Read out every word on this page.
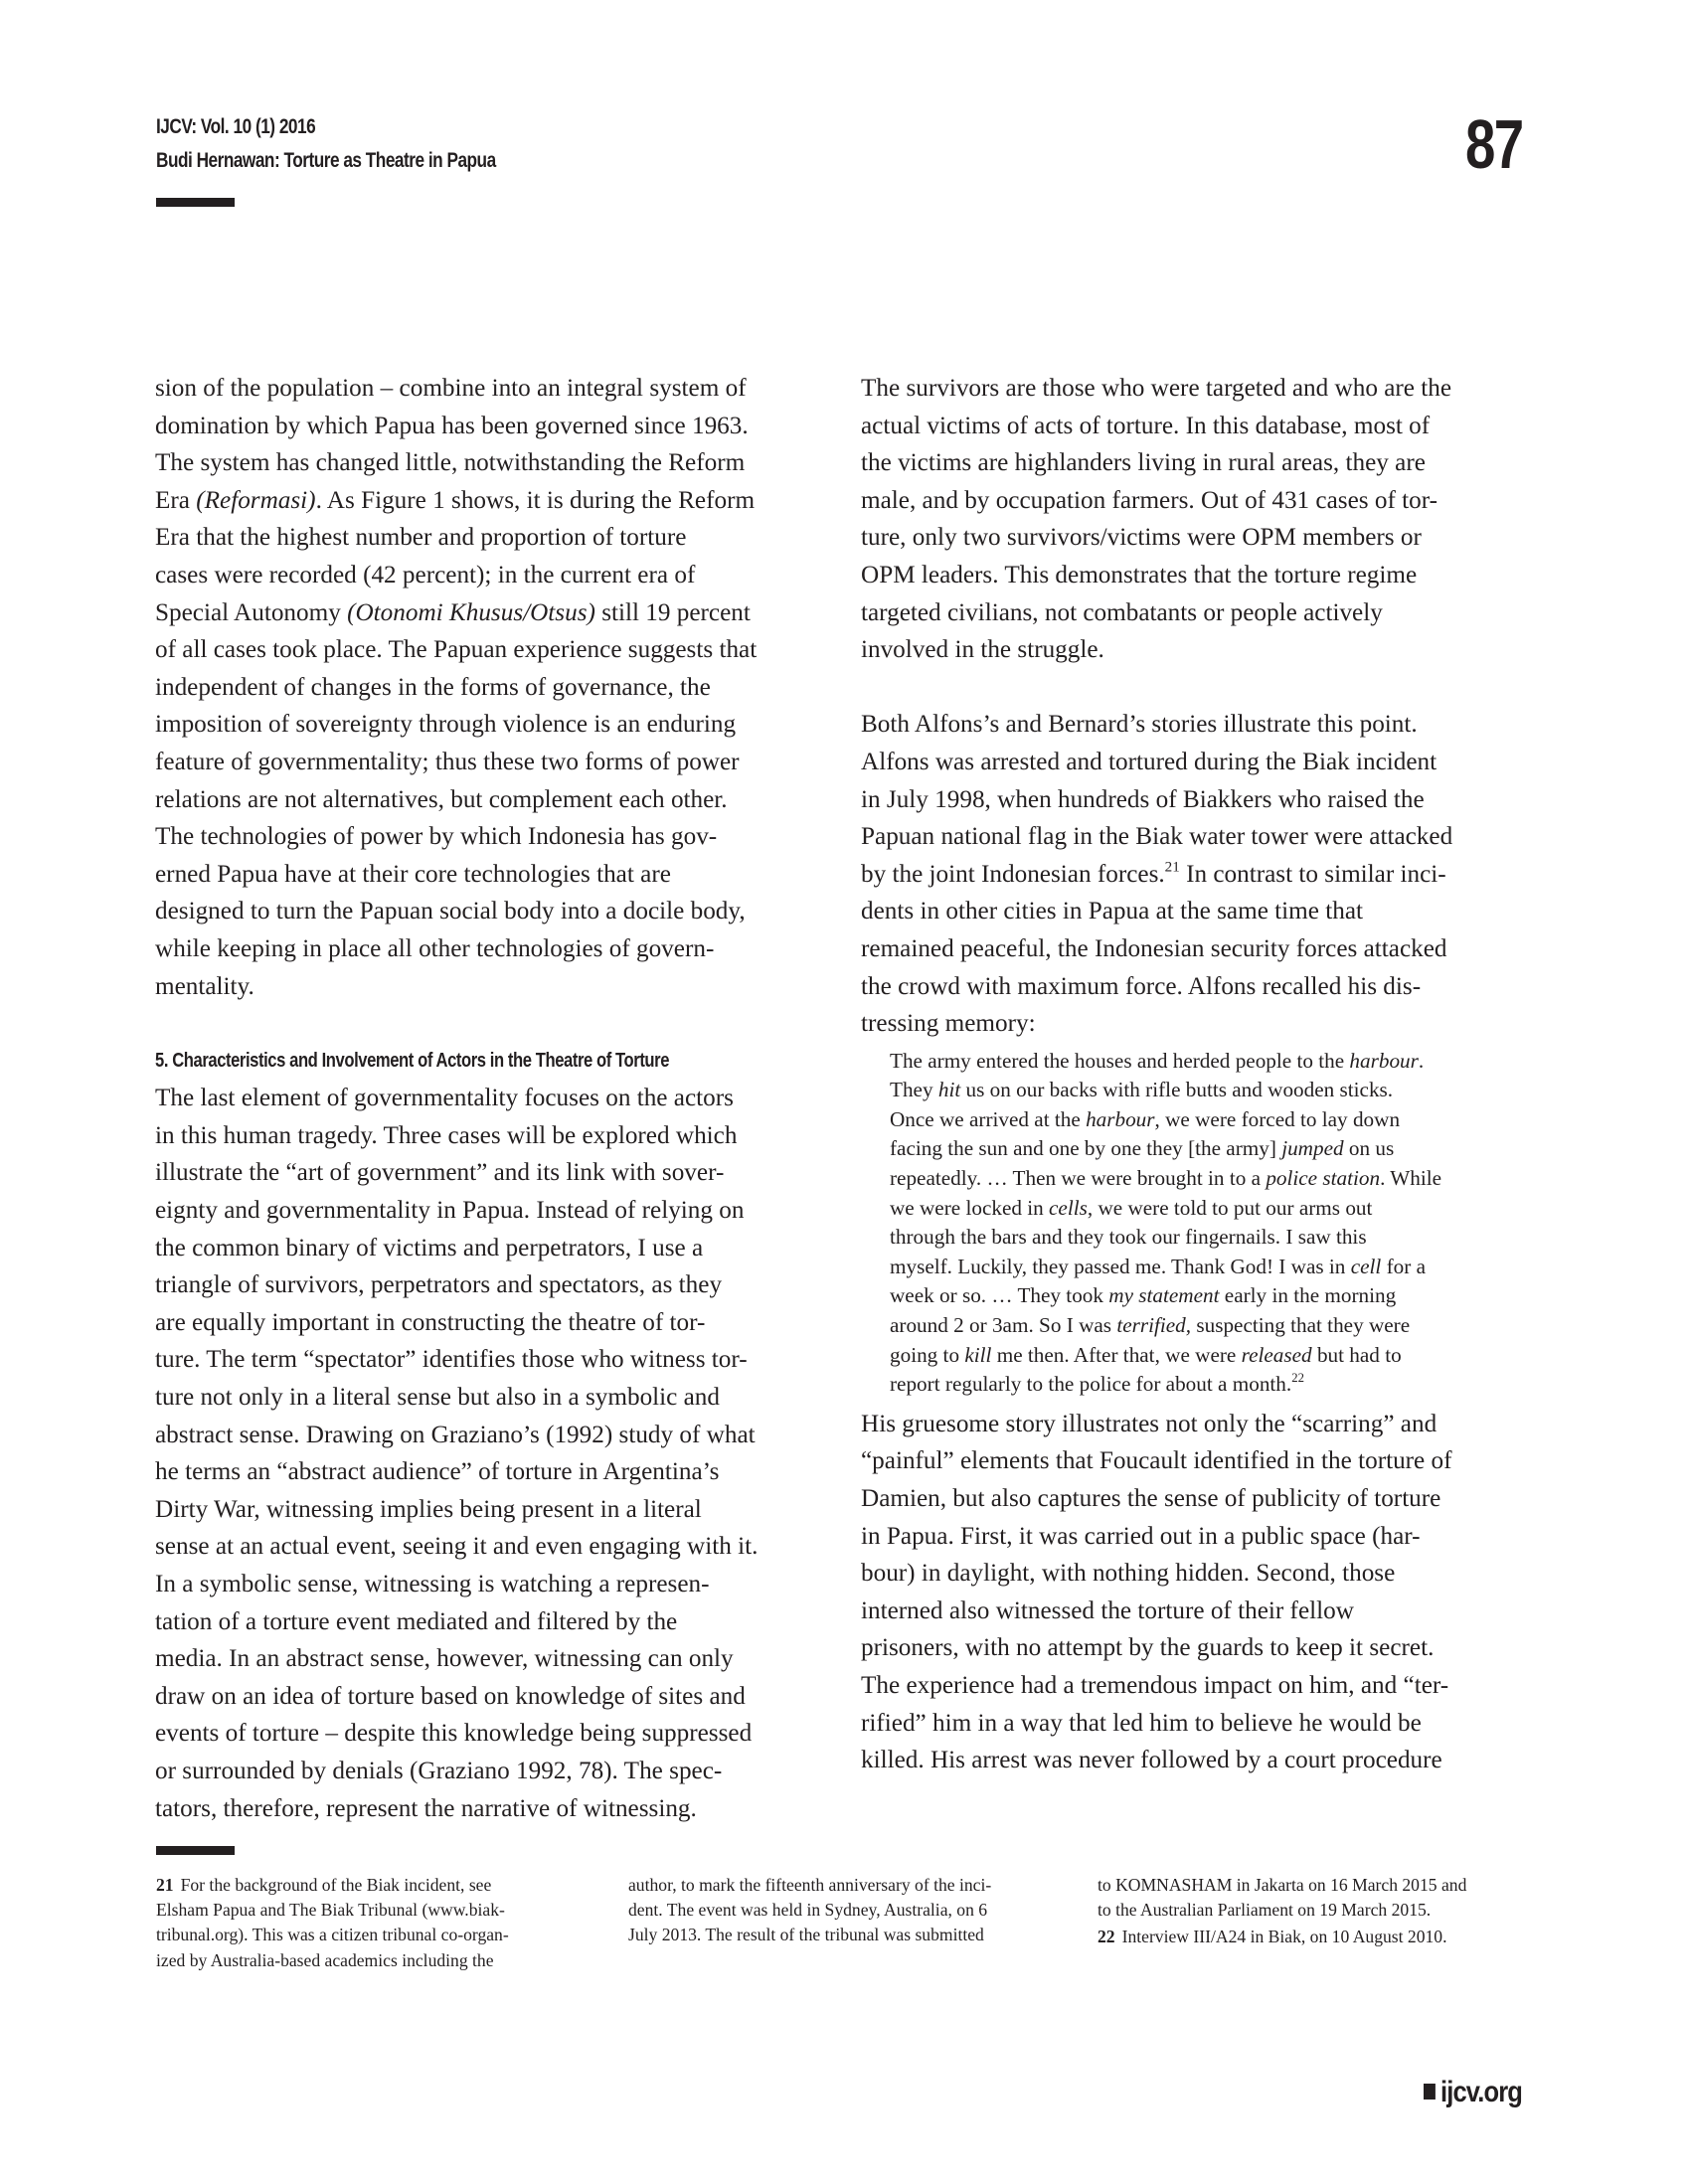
IJCV: Vol. 10 (1) 2016
Budi Hernawan: Torture as Theatre in Papua	87
sion of the population – combine into an integral system of
domination by which Papua has been governed since 1963.
The system has changed little, notwithstanding the Reform
Era (Reformasi). As Figure 1 shows, it is during the Reform
Era that the highest number and proportion of torture
cases were recorded (42 percent); in the current era of
Special Autonomy (Otonomi Khusus/Otsus) still 19 percent
of all cases took place. The Papuan experience suggests that
independent of changes in the forms of governance, the
imposition of sovereignty through violence is an enduring
feature of governmentality; thus these two forms of power
relations are not alternatives, but complement each other.
The technologies of power by which Indonesia has gov-
erned Papua have at their core technologies that are
designed to turn the Papuan social body into a docile body,
while keeping in place all other technologies of govern-
mentality.
5. Characteristics and Involvement of Actors in the Theatre of Torture
The last element of governmentality focuses on the actors
in this human tragedy. Three cases will be explored which
illustrate the “art of government” and its link with sover-
eignty and governmentality in Papua. Instead of relying on
the common binary of victims and perpetrators, I use a
triangle of survivors, perpetrators and spectators, as they
are equally important in constructing the theatre of tor-
ture. The term “spectator” identifies those who witness tor-
ture not only in a literal sense but also in a symbolic and
abstract sense. Drawing on Graziano’s (1992) study of what
he terms an “abstract audience” of torture in Argentina’s
Dirty War, witnessing implies being present in a literal
sense at an actual event, seeing it and even engaging with it.
In a symbolic sense, witnessing is watching a represen-
tation of a torture event mediated and filtered by the
media. In an abstract sense, however, witnessing can only
draw on an idea of torture based on knowledge of sites and
events of torture – despite this knowledge being suppressed
or surrounded by denials (Graziano 1992, 78). The spec-
tators, therefore, represent the narrative of witnessing.
The survivors are those who were targeted and who are the
actual victims of acts of torture. In this database, most of
the victims are highlanders living in rural areas, they are
male, and by occupation farmers. Out of 431 cases of tor-
ture, only two survivors/victims were OPM members or
OPM leaders. This demonstrates that the torture regime
targeted civilians, not combatants or people actively
involved in the struggle.
Both Alfons’s and Bernard’s stories illustrate this point.
Alfons was arrested and tortured during the Biak incident
in July 1998, when hundreds of Biakkers who raised the
Papuan national flag in the Biak water tower were attacked
by the joint Indonesian forces.$^{21}$ In contrast to similar inci-
dents in other cities in Papua at the same time that
remained peaceful, the Indonesian security forces attacked
the crowd with maximum force. Alfons recalled his dis-
tressing memory:
The army entered the houses and herded people to the harbour.
They hit us on our backs with rifle butts and wooden sticks.
Once we arrived at the harbour, we were forced to lay down
facing the sun and one by one they [the army] jumped on us
repeatedly. … Then we were brought in to a police station. While
we were locked in cells, we were told to put our arms out
through the bars and they took our fingernails. I saw this
myself. Luckily, they passed me. Thank God! I was in cell for a
week or so. … They took my statement early in the morning
around 2 or 3am. So I was terrified, suspecting that they were
going to kill me then. After that, we were released but had to
report regularly to the police for about a month.$^{22}$
His gruesome story illustrates not only the “scarring” and
“painful” elements that Foucault identified in the torture of
Damien, but also captures the sense of publicity of torture
in Papua. First, it was carried out in a public space (har-
bour) in daylight, with nothing hidden. Second, those
interned also witnessed the torture of their fellow
prisoners, with no attempt by the guards to keep it secret.
The experience had a tremendous impact on him, and “ter-
rified” him in a way that led him to believe he would be
killed. His arrest was never followed by a court procedure
21 For the background of the Biak incident, see
Elsham Papua and The Biak Tribunal (www.biak-
tribunal.org). This was a citizen tribunal co-organ-
ized by Australia-based academics including the
author, to mark the fifteenth anniversary of the inci-
dent. The event was held in Sydney, Australia, on 6
July 2013. The result of the tribunal was submitted
to KOMNASHAM in Jakarta on 16 March 2015 and
to the Australian Parliament on 19 March 2015.
22 Interview III/A24 in Biak, on 10 August 2010.
ijcv.org
